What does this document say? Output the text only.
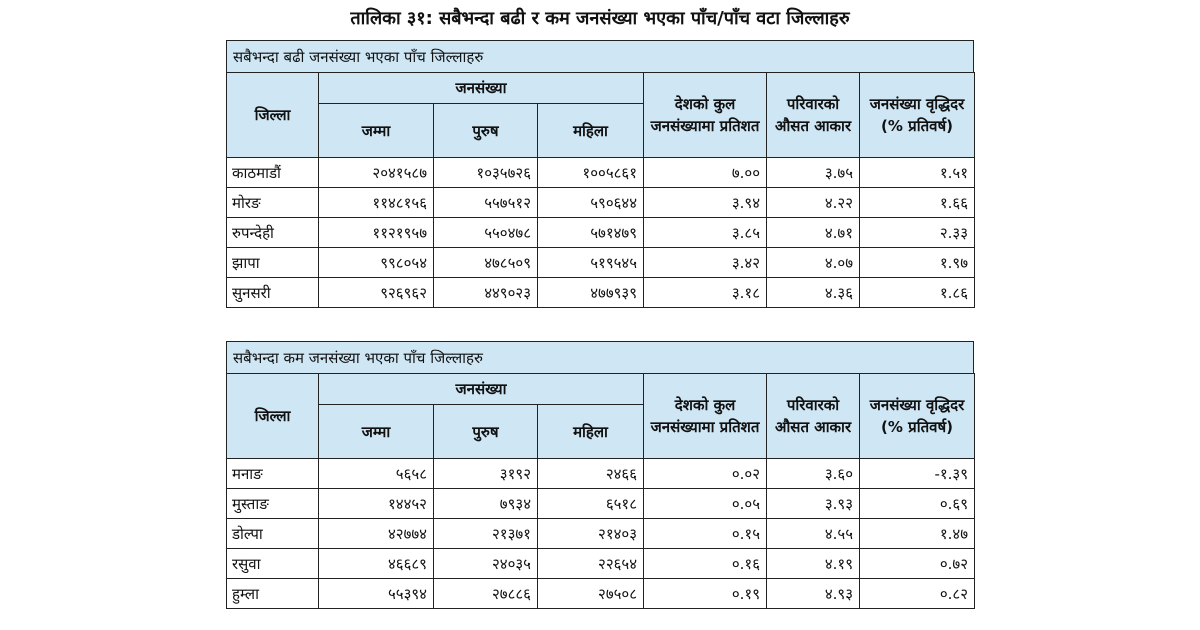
तालिका ३१: सबैभन्दा बढी र कम जनसंख्या भएका पाँच/पाँच वटा जिल्लाहरु
सबैभन्दा बढी जनसंख्या भएका पाँच जिल्लाहरु
जिल्ला	जनसंख्या			देशको कुल जनसंख्यामा प्रतिशत	परिवारको औसत आकार	जनसंख्या वृद्धिदर (% प्रतिवर्ष)
	जम्मा	पुरुष	महिला			
काठमाडौं	२०४१५८७	१०३५७२६	१००५८६१	७.००	३.७५	१.५१
मोरङ	११४८१५६	५५७५१२	५९०६४४	३.९४	४.२२	१.६६
रुपन्देही	११२१९५७	५५०४७८	५७१४७९	३.८५	४.७१	२.३३
झापा	९९८०५४	४७८५०९	५१९५४५	३.४२	४.०७	१.९७
सुनसरी	९२६९६२	४४९०२३	४७७९३९	३.१८	४.३६	१.८६
सबैभन्दा कम जनसंख्या भएका पाँच जिल्लाहरु
जिल्ला	जनसंख्या			देशको कुल जनसंख्यामा प्रतिशत	परिवारको औसत आकार	जनसंख्या वृद्धिदर (% प्रतिवर्ष)
	जम्मा	पुरुष	महिला			
मनाङ	५६५८	३१९२	२४६६	०.०२	३.६०	-१.३९
मुस्ताङ	१४४५२	७९३४	६५१८	०.०५	३.९३	०.६९
डोल्पा	४२७७४	२१३७१	२१४०३	०.१५	४.५५	१.४७
रसुवा	४६६८९	२४०३५	२२६५४	०.१६	४.१९	०.७२
हुम्ला	५५३९४	२७८८६	२७५०८	०.१९	४.९३	०.८२
